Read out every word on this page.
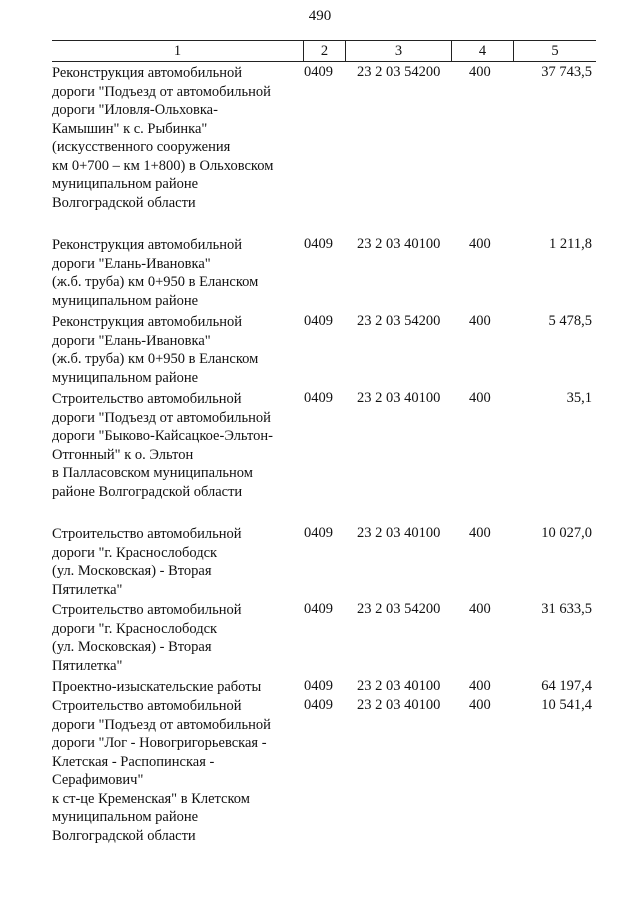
490
1	2	3	4	5
Реконструкция автомобильной
дороги "Подъезд от автомобильной
дороги "Иловля-Ольховка-
Камышин" к с. Рыбинка"
(искусственного сооружения
км 0+700 – км 1+800) в Ольховском
муниципальном районе
Волгоградской области
0409 23 2 03 54200 400	37 743,5
Реконструкция автомобильной
дороги "Елань-Ивановка"
(ж.б. труба) км 0+950 в Еланском
муниципальном районе
0409 23 2 03 40100 400	1 211,8
Реконструкция автомобильной
дороги "Елань-Ивановка"
(ж.б. труба) км 0+950 в Еланском
муниципальном районе
0409 23 2 03 54200 400	5 478,5
Строительство автомобильной
дороги "Подъезд от автомобильной
дороги "Быково-Кайсацкое-Эльтон-
Отгонный" к о. Эльтон
в Палласовском муниципальном
районе Волгоградской области
0409 23 2 03 40100 400	35,1
Строительство автомобильной
дороги "г. Краснослободск
(ул. Московская) - Вторая
Пятилетка"
0409 23 2 03 40100 400	10 027,0
Строительство автомобильной
дороги "г. Краснослободск
(ул. Московская) - Вторая
Пятилетка"
0409 23 2 03 54200 400	31 633,5
Проектно-изыскательские работы	0409 23 2 03 40100 400	64 197,4
Строительство автомобильной
дороги "Подъезд от автомобильной
дороги "Лог - Новогригорьевская -
Клетская - Распопинская -
Серафимович"
к ст-це Кременская" в Клетском
муниципальном районе
Волгоградской области
0409 23 2 03 40100 400	10 541,4
